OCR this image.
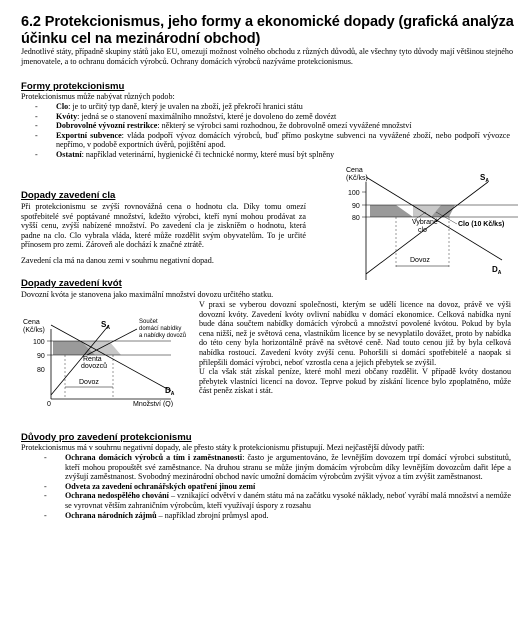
6.2 Protekcionismus, jeho formy a ekonomické dopady (grafická analýza účinku cel na mezinárodní obchod)

Jednotlivé státy, případně skupiny států jako EU, omezují možnost volného obchodu z různých důvodů, ale všechny tyto důvody mají většinou stejného jmenovatele, a to ochranu domácích výrobců. Ochrany domácích výrobců nazýváme protekcionismus.

Formy protekcionismu

Protekcionismus může nabývat různých podob:

- Clo: je to určitý typ daně, který je uvalen na zboží, jež překročí hranici státu
- Kvóty: jedná se o stanovení maximálního množství, které je dovoleno do země dovézt
- Dobrovolné vývozní restrikce: některý se výrobci sami rozhodnou, že dobrovolně omezí vyvážené množství
- Exportní subvence: vláda podpoří vývoz domácích výrobců, buď přímo poskytne subvenci na vyvážené zboží, nebo podpoří vývozce nepřímo, v podobě exportních úvěrů, pojištění apod.
- Ostatní: například veterinární, hygienické či technické normy, které musí být splněny
Dopady zavedení cla

Při protekcionismu se zvýší rovnovážná cena o hodnotu cla. Díky tomu omezí spotřebitelé své poptávané množství, kdežto výrobci, kteří nyní mohou prodávat za vyšší cenu, zvýší nabízené množství. Po zavedení cla je ziskníěm o hodnotu, která padne na clo. Clo vybrala vláda, které může rozdělit svým obyvatelům. To je určité přínosem pro zemi. Zároveň ale dochází k značné ztrátě.

Zavedení cla má na danou zemi v souhrnu negativní dopad.

Cena
(Kč/ks)
100
90
80
$S_A$
$D_A$
Vybrané
clo
Clo (10 Kč/ks)
Dovoz
Dopady zavedení kvót

Dovozní kvóta je stanovena jako maximální množství dovozu určitého statku.

V praxi se vyberou dovozní společnosti, kterým se udělí licence na dovoz, právě ve výši dovozní kvóty. Zavedení kvóty ovlivní nabídku v domácí ekonomice. Celková nabídka nyní bude dána součtem nabídky domácích výrobců a množství povolené kvótou. Pokud by byla cena nižší, než je světová cena, vlastníkům licence by se nevyplatilo dovážet, proto by nabídka do této ceny byla horizontálně právě na světové ceně. Nad touto cenou již by byla celková nabídka rostoucí. Zavedení kvóty zvýší cenu. Pohoršili si domácí spotřebitelé a naopak si přilepšili domácí výrobci, neboť vzrostla cena a jejich přebytek se zvýšil.
U cla však stát získal peníze, které mohl mezi občany rozdělit. V případě kvóty dostanou přebytek vlastníci licencí na dovoz. Teprve pokud by získání licence bylo zpoplatněno, může část peněz získat i stát.
Cena
(Kč/ks)
100
90
80
$S_A$
Součet
domácí nabídky
a nabídky dovozů
Renta
dovozců
$D_A$
Dovoz
0	Množství (Q)
Důvody pro zavedení protekcionismu

Protekcionismus má v souhrnu negativní dopady, ale přesto státy k protekcionismu přistupují. Mezi nejčastější důvody patří:

- Ochrana domácích výrobců a tím i zaměstnanosti: často je argumentováno, že levnějším dovozem trpí domácí výrobci substitutů, kteří mohou propouštět své zaměstnance. Na druhou stranu se může jiným domácím výrobcům díky levnějším dovozcům dařit lépe a zvýšují zaměstnanost. Svobodný mezinárodní obchod navíc umožní domácím výrobcům zvýšit vývoz a tím zvýšit zaměstnanost.
- Odveta za zavedení ochranářských opatření jinou zemí
- Ochrana nedospělého chování – vznikající odvětví v daném státu má na začátku vysoké náklady, neboť vyrábí malá množství a nemůže se vyrovnat větším zahraničním výrobcům, kteří využívají úspory z rozsahu
- Ochrana národních zájmů – například zbrojní průmysl apod.
